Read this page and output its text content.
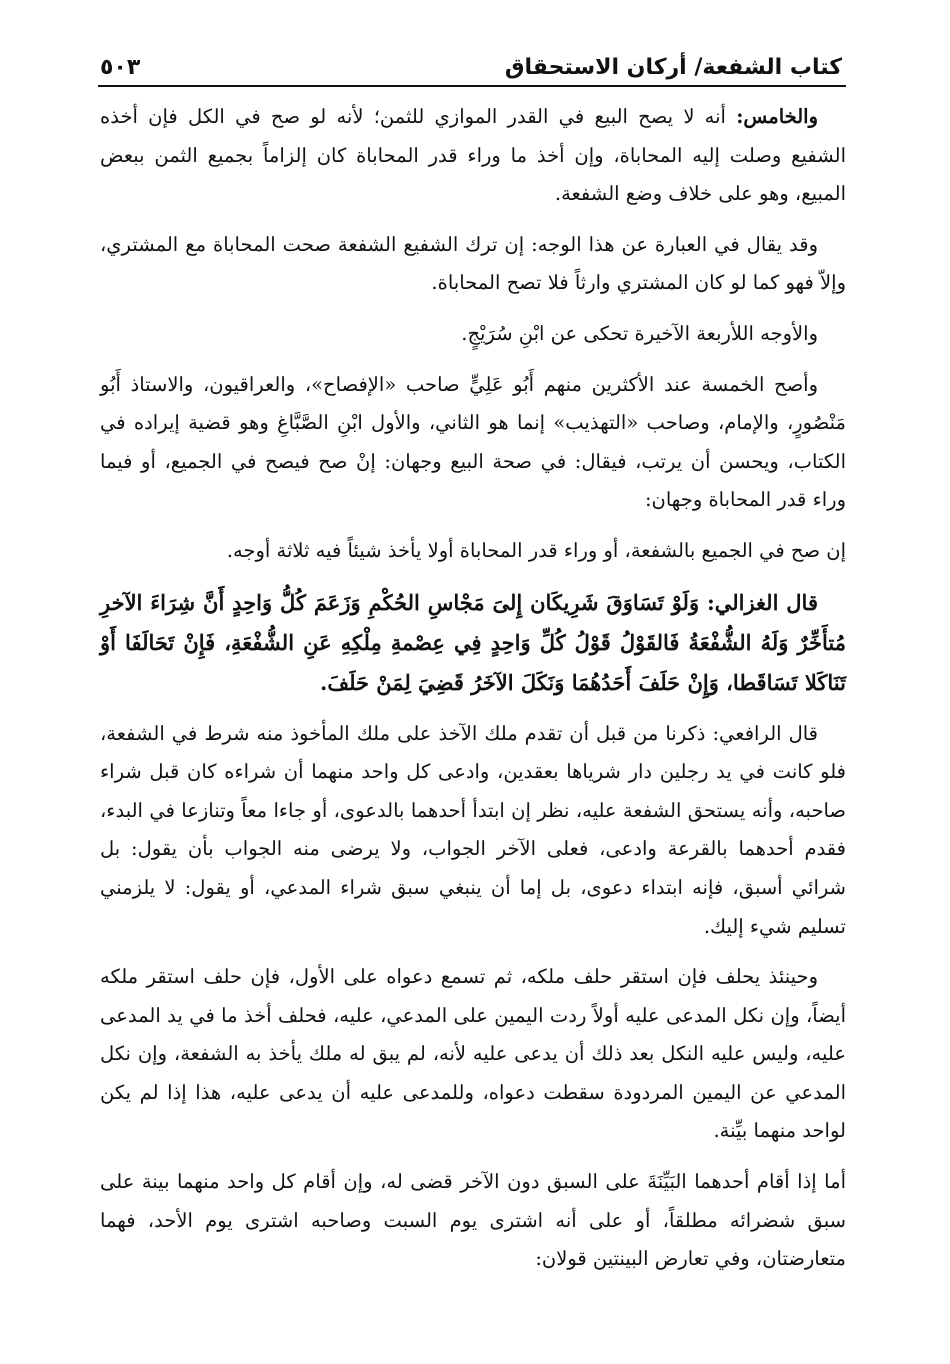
كتاب الشفعة/ أركان الاستحقاق
٥٠٣

والخامس: أنه لا يصح البيع في القدر الموازي للثمن؛ لأنه لو صح في الكل فإن أخذه الشفيع وصلت إليه المحاباة، وإن أخذ ما وراء قدر المحاباة كان إلزاماً بجميع الثمن ببعض المبيع، وهو على خلاف وضع الشفعة.

وقد يقال في العبارة عن هذا الوجه: إن ترك الشفيع الشفعة صحت المحاباة مع المشتري، وإلاّ فهو كما لو كان المشتري وارثاً فلا تصح المحاباة.

والأوجه اللأربعة الآخيرة تحكى عن ابْنِ سُرَيْجٍ.

وأصح الخمسة عند الأكثرين منهم أَبُو عَلِيٍّ صاحب «الإفصاح»، والعراقيون، والاستاذ أَبُو مَنْصُورٍ، والإمام، وصاحب «التهذيب» إنما هو الثاني، والأول ابْنِ الصَّبَّاغِ وهو قضية إيراده في الكتاب، ويحسن أن يرتب، فيقال: في صحة البيع وجهان: إنْ صح فيصح في الجميع، أو فيما وراء قدر المحاباة وجهان:

إن صح في الجميع بالشفعة، أو وراء قدر المحاباة أولا يأخذ شيئاً فيه ثلاثة أوجه.

قال الغزالي: وَلَوْ تَسَاوَقَ شَرِيكَان إِلىَ مَجْاسِ الحُكْمِ وَزَعَمَ كُلُّ وَاحِدٍ أَنَّ شِرَاءَ الآخرِ مُتأَخِّرٌ وَلَهُ الشُّفْعَةُ فَالقَوْلُ قَوْلُ كُلِّ وَاحِدٍ فِي عِصْمةِ مِلْكِهِ عَنِ الشُّفْعَةِ، فَإِنْ تَحَالَفَا أَوْ تَنَاكَلا تَسَاقَطا، وَإِنْ حَلَفَ أَحَدُهُمَا وَنَكَلَ الآخَرُ قَضِيَ لِمَنْ حَلَفَ.

قال الرافعي: ذكرنا من قبل أن تقدم ملك الآخذ على ملك المأخوذ منه شرط في الشفعة، فلو كانت في يد رجلين دار شرياها بعقدين، وادعى كل واحد منهما أن شراءه كان قبل شراء صاحبه، وأنه يستحق الشفعة عليه، نظر إن ابتدأ أحدهما بالدعوى، أو جاءا معاً وتنازعا في البدء، فقدم أحدهما بالقرعة وادعى، فعلى الآخر الجواب، ولا يرضى منه الجواب بأن يقول: بل شرائي أسبق، فإنه ابتداء دعوى، بل إما أن ينبغي سبق شراء المدعي، أو يقول: لا يلزمني تسليم شيء إليك.

وحينئذ يحلف فإن استقر حلف ملكه، ثم تسمع دعواه على الأول، فإن حلف استقر ملكه أيضاً، وإن نكل المدعى عليه أولاً ردت اليمين على المدعي، عليه، فحلف أخذ ما في يد المدعى عليه، وليس عليه النكل بعد ذلك أن يدعى عليه لأنه، لم يبق له ملك يأخذ به الشفعة، وإن نكل المدعي عن اليمين المردودة سقطت دعواه، وللمدعى عليه أن يدعى عليه، هذا إذا لم يكن لواحد منهما بيِّنة.

أما إذا أقام أحدهما البَيِّنَةَ على السبق دون الآخر قضى له، وإن أقام كل واحد منهما بينة على سبق شضرائه مطلقاً، أو على أنه اشترى يوم السبت وصاحبه اشترى يوم الأحد، فهما متعارضتان، وفي تعارض البينتين قولان:
